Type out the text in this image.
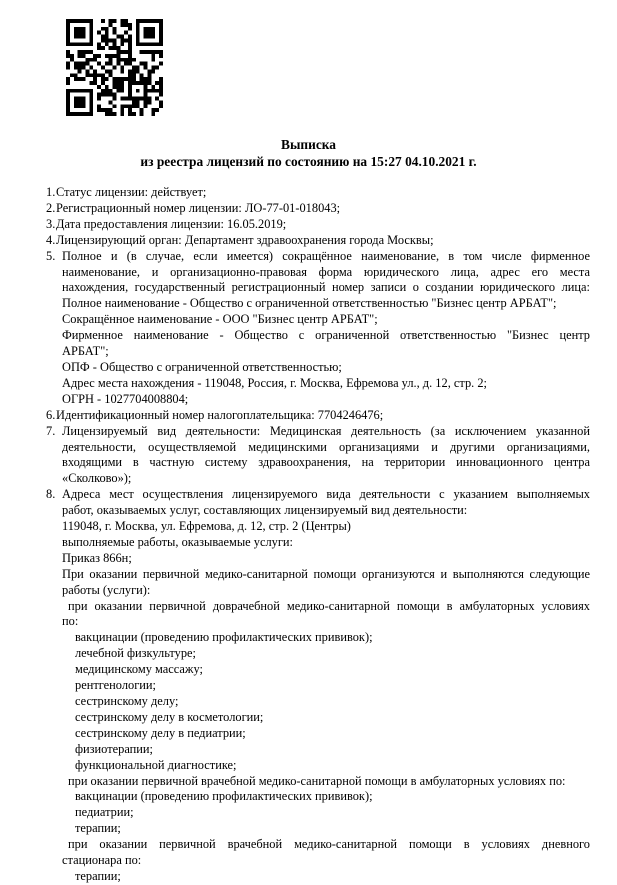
Выписка
из реестра лицензий по состоянию на 15:27 04.10.2021 г.
1. Статус лицензии: действует;
2. Регистрационный номер лицензии: ЛО-77-01-018043;
3. Дата предоставления лицензии: 16.05.2019;
4. Лицензирующий орган: Департамент здравоохранения города Москвы;
5. Полное и (в случае, если имеется) сокращённое наименование, в том числе фирменное
наименование, и организационно-правовая форма юридического лица, адрес его места
нахождения, государственный регистрационный номер записи о создании юридического лица:
Полное наименование - Общество с ограниченной ответственностью "Бизнес центр АРБАТ";
Сокращённое наименование - ООО "Бизнес центр АРБАТ";
Фирменное наименование - Общество с ограниченной ответственностью "Бизнес центр
АРБАТ";
ОПФ - Общество с ограниченной ответственностью;
Адрес места нахождения - 119048, Россия, г. Москва, Ефремова ул., д. 12, стр. 2;
ОГРН - 1027704008804;
6. Идентификационный номер налогоплательщика: 7704246476;
7. Лицензируемый вид деятельности: Медицинская деятельность (за исключением указанной
деятельности, осуществляемой медицинскими организациями и другими организациями,
входящими в частную систему здравоохранения, на территории инновационного центра
«Сколково»);
8. Адреса мест осуществления лицензируемого вида деятельности с указанием выполняемых
работ, оказываемых услуг, составляющих лицензируемый вид деятельности:
119048, г. Москва, ул. Ефремова, д. 12, стр. 2 (Центры)
выполняемые работы, оказываемые услуги:
Приказ 866н;
При оказании первичной медико-санитарной помощи организуются и выполняются следующие
работы (услуги):
при оказании первичной доврачебной медико-санитарной помощи в амбулаторных условиях
по:
вакцинации (проведению профилактических прививок);
лечебной физкультуре;
медицинскому массажу;
рентгенологии;
сестринскому делу;
сестринскому делу в косметологии;
сестринскому делу в педиатрии;
физиотерапии;
функциональной диагностике;
при оказании первичной врачебной медико-санитарной помощи в амбулаторных условиях по:
вакцинации (проведению профилактических прививок);
педиатрии;
терапии;
при оказании первичной врачебной медико-санитарной помощи в условиях дневного
стационара по:
терапии;
